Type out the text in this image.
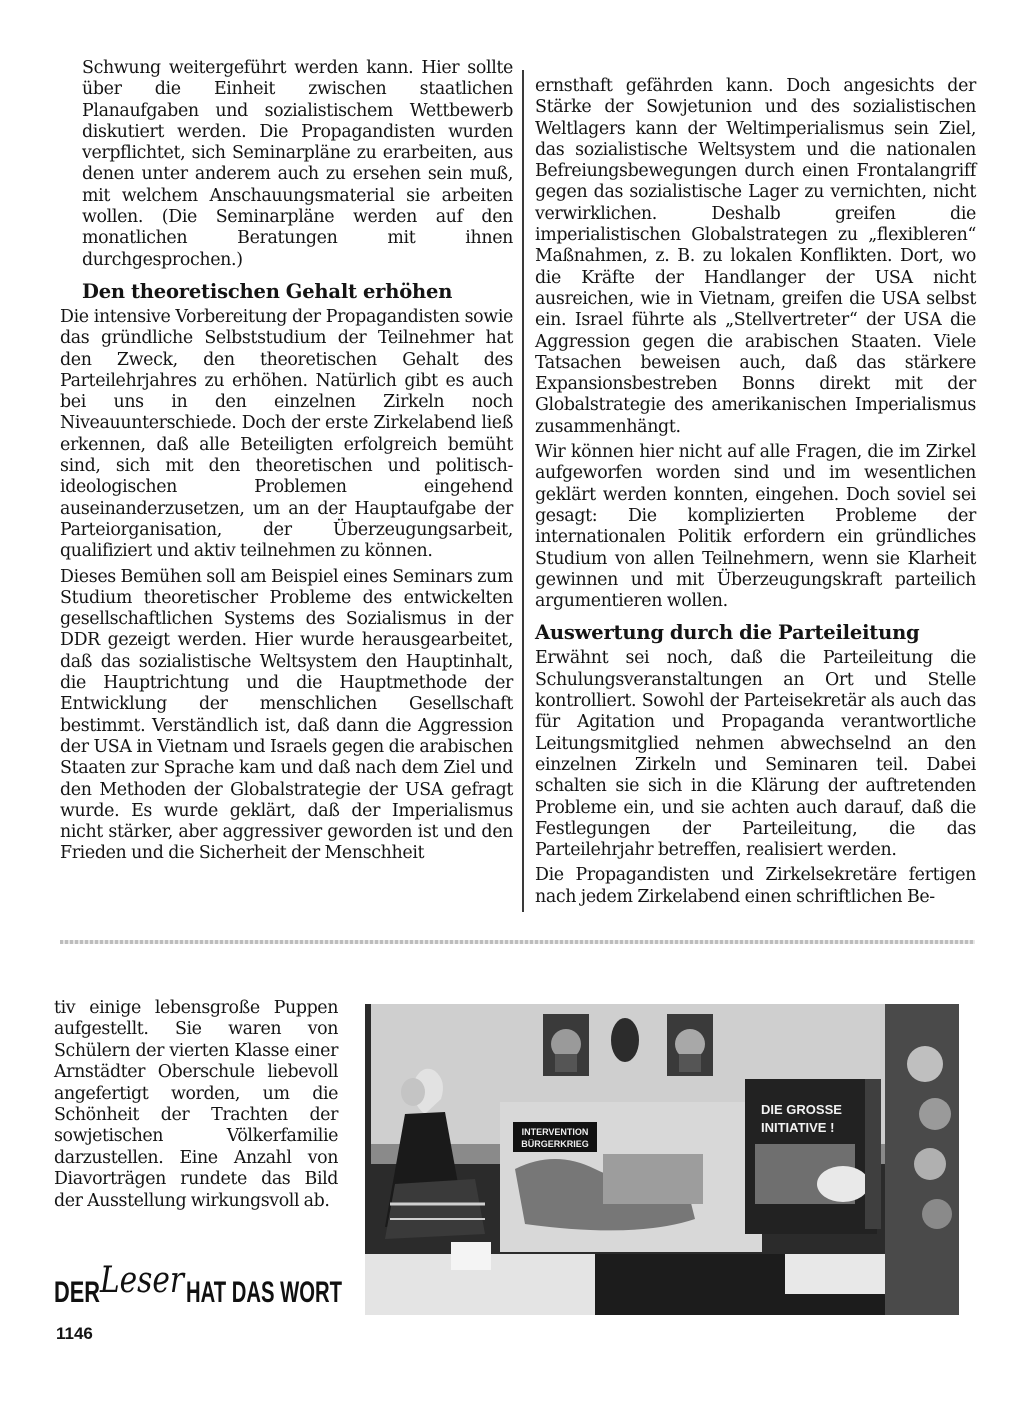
Schwung weitergeführt werden kann. Hier sollte über die Einheit zwischen staatlichen Planaufgaben und sozialistischem Wettbewerb diskutiert werden. Die Propagandisten wurden verpflichtet, sich Seminarpläne zu erarbeiten, aus denen unter anderem auch zu ersehen sein muß, mit welchem Anschauungsmaterial sie arbeiten wollen. (Die Seminarpläne werden auf den monatlichen Beratungen mit ihnen durchgesprochen.)

Den theoretischen Gehalt erhöhen

Die intensive Vorbereitung der Propagandisten sowie das gründliche Selbststudium der Teilnehmer hat den Zweck, den theoretischen Gehalt des Parteilehrjahres zu erhöhen. Natürlich gibt es auch bei uns in den einzelnen Zirkeln noch Niveauunterschiede. Doch der erste Zirkelabend ließ erkennen, daß alle Beteiligten erfolgreich bemüht sind, sich mit den theoretischen und politisch-ideologischen Problemen eingehend auseinanderzusetzen, um an der Hauptaufgabe der Parteiorganisation, der Überzeugungsarbeit, qualifiziert und aktiv teilnehmen zu können.

Dieses Bemühen soll am Beispiel eines Seminars zum Studium theoretischer Probleme des entwickelten gesellschaftlichen Systems des Sozialismus in der DDR gezeigt werden. Hier wurde herausgearbeitet, daß das sozialistische Weltsystem den Hauptinhalt, die Hauptrichtung und die Hauptmethode der Entwicklung der menschlichen Gesellschaft bestimmt. Verständlich ist, daß dann die Aggression der USA in Vietnam und Israels gegen die arabischen Staaten zur Sprache kam und daß nach dem Ziel und den Methoden der Globalstrategie der USA gefragt wurde. Es wurde geklärt, daß der Imperialismus nicht stärker, aber aggressiver geworden ist und den Frieden und die Sicherheit der Menschheit

ernsthaft gefährden kann. Doch angesichts der Stärke der Sowjetunion und des sozialistischen Weltlagers kann der Weltimperialismus sein Ziel, das sozialistische Weltsystem und die nationalen Befreiungsbewegungen durch einen Frontalangriff gegen das sozialistische Lager zu vernichten, nicht verwirklichen. Deshalb greifen die imperialistischen Globalstrategen zu „flexibleren“ Maßnahmen, z. B. zu lokalen Konflikten. Dort, wo die Kräfte der Handlanger der USA nicht ausreichen, wie in Vietnam, greifen die USA selbst ein. Israel führte als „Stellvertreter“ der USA die Aggression gegen die arabischen Staaten. Viele Tatsachen beweisen auch, daß das stärkere Expansionsbestreben Bonns direkt mit der Globalstrategie des amerikanischen Imperialismus zusammenhängt.

Wir können hier nicht auf alle Fragen, die im Zirkel aufgeworfen worden sind und im wesentlichen geklärt werden konnten, eingehen. Doch soviel sei gesagt: Die komplizierten Probleme der internationalen Politik erfordern ein gründliches Studium von allen Teilnehmern, wenn sie Klarheit gewinnen und mit Überzeugungskraft parteilich argumentieren wollen.

Auswertung durch die Parteileitung

Erwähnt sei noch, daß die Parteileitung die Schulungsveranstaltungen an Ort und Stelle kontrolliert. Sowohl der Parteisekretär als auch das für Agitation und Propaganda verantwortliche Leitungsmitglied nehmen abwechselnd an den einzelnen Zirkeln und Seminaren teil. Dabei schalten sie sich in die Klärung der auftretenden Probleme ein, und sie achten auch darauf, daß die Festlegungen der Parteileitung, die das Parteilehrjahr betreffen, realisiert werden.

Die Propagandisten und Zirkelsekretäre fertigen nach jedem Zirkelabend einen schriftlichen Be-

tiv einige lebensgroße Puppen aufgestellt. Sie waren von Schülern der vierten Klasse einer Arnstädter Oberschule liebevoll angefertigt worden, um die Schönheit der Trachten der sowjetischen Völkerfamilie darzustellen. Eine Anzahl von Diavorträgen rundete das Bild der Ausstellung wirkungsvoll ab.

INTERVENTION
BÜRGERKRIEG
DIE GROSSE
INITIATIVE !
DER
Leser HAT DAS WORT
1146
